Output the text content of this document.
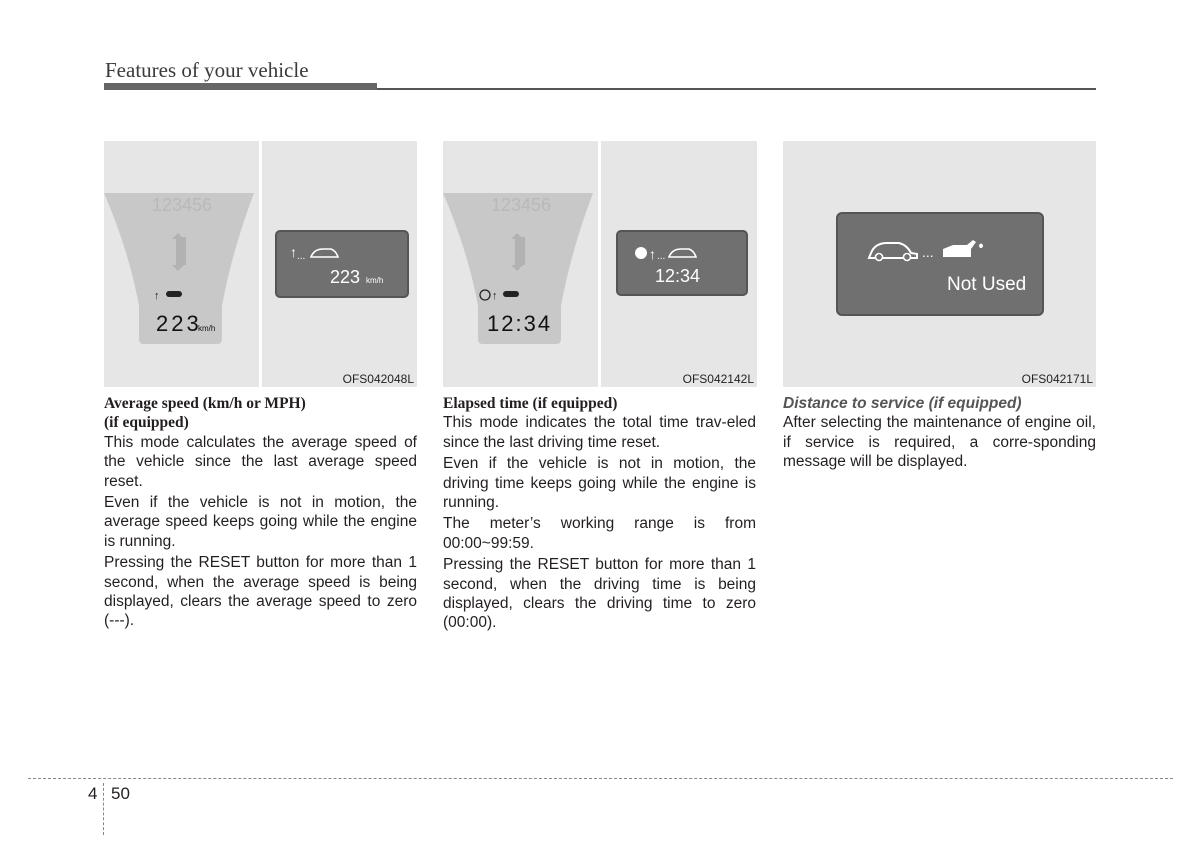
Features of your vehicle
123456
↑
223
km/h
↑ ...
223 km/h
OFS042048L
123456
↑
12:34
↑ ...
12:34
OFS042142L
...
Not Used
OFS042171L
Average speed (km/h or MPH)
(if equipped)

This mode calculates the average speed of the vehicle since the last average speed reset.

Even if the vehicle is not in motion, the average speed keeps going while the engine is running.

Pressing the RESET button for more than 1 second, when the average speed is being displayed, clears the average speed to zero (---).

Elapsed time (if equipped)

This mode indicates the total time trav-eled since the last driving time reset.

Even if the vehicle is not in motion, the driving time keeps going while the engine is running.

The meter’s working range is from 00:00~99:59.

Pressing the RESET button for more than 1 second, when the driving time is being displayed, clears the driving time to zero (00:00).

Distance to service (if equipped)

After selecting the maintenance of engine oil, if service is required, a corre-sponding message will be displayed.

4 50
